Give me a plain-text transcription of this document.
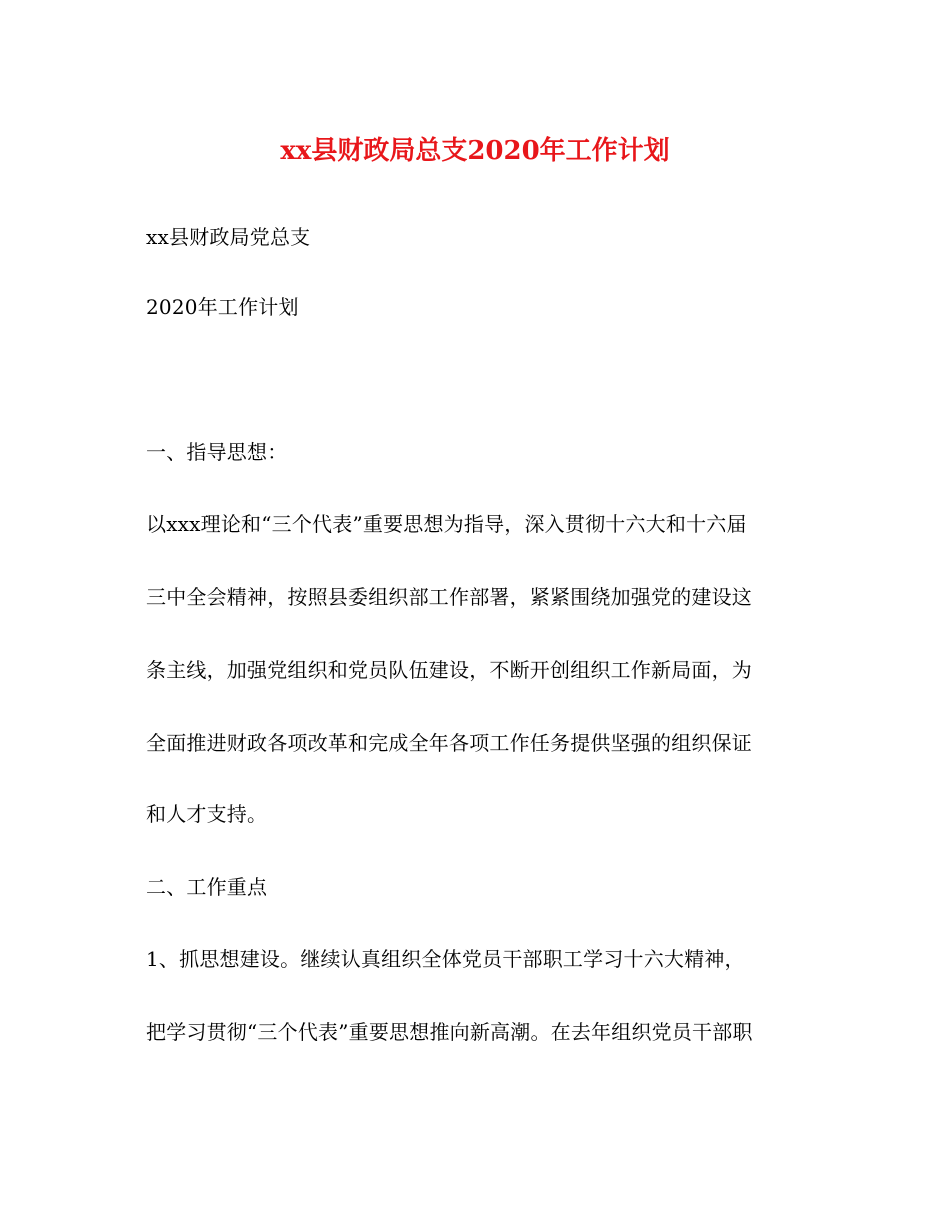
xx县财政局总支2020年工作计划
xx县财政局党总支
2020年工作计划
一、指导思想：
以xxx理论和“三个代表”重要思想为指导，深入贯彻十六大和十六届
三中全会精神，按照县委组织部工作部署，紧紧围绕加强党的建设这
条主线，加强党组织和党员队伍建设，不断开创组织工作新局面，为
全面推进财政各项改革和完成全年各项工作任务提供坚强的组织保证
和人才支持。
二、工作重点
1、抓思想建设。继续认真组织全体党员干部职工学习十六大精神，
把学习贯彻“三个代表”重要思想推向新高潮。在去年组织党员干部职
